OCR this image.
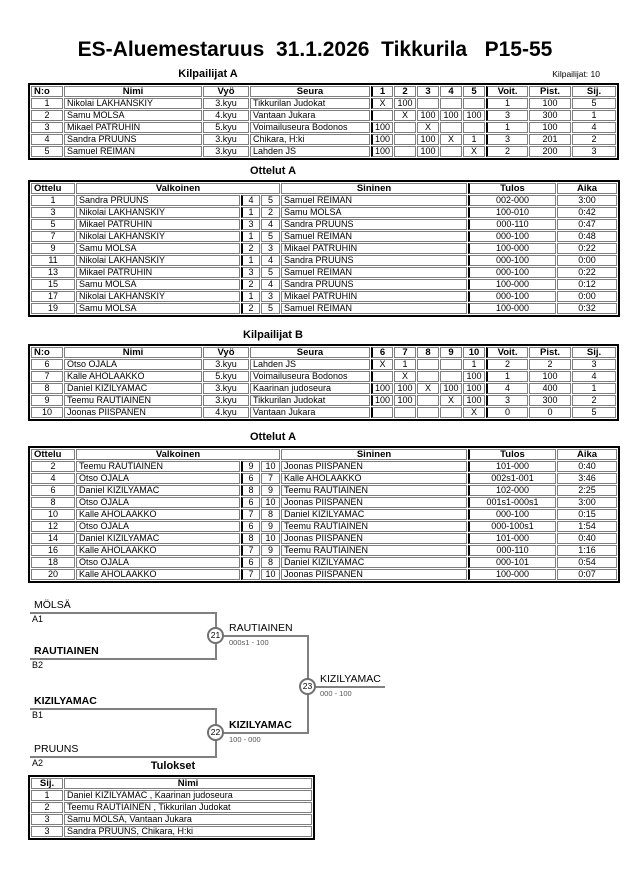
ES-Aluemestaruus  31.1.2026  Tikkurila   P15-55
Kilpailijat: 10
Kilpailijat A
N:o	Nimi	Vyö	Seura	1	2	3	4	5	Voit.	Pist.	Sij.
1	Nikolai LAKHANSKIY	3.kyu	Tikkurilan Judokat	X	100				1	100	5
2	Samu MÖLSÄ	4.kyu	Vantaan Jukara		X	100	100	100	3	300	1
3	Mikael PATRUHIN	5.kyu	Voimailuseura Bodonos	100		X			1	100	4
4	Sandra PRUUNS	3.kyu	Chikara, H:ki	100		100	X	1	3	201	2
5	Samuel REIMAN	3.kyu	Lahden JS	100		100		X	2	200	3
Ottelut A
Ottelu	Valkoinen			Sininen	Tulos	Aika
1	Sandra PRUUNS	4	5	Samuel REIMAN	002-000	3:00
3	Nikolai LAKHANSKIY	1	2	Samu MÖLSÄ	100-010	0:42
5	Mikael PATRUHIN	3	4	Sandra PRUUNS	000-110	0:47
7	Nikolai LAKHANSKIY	1	5	Samuel REIMAN	000-100	0:48
9	Samu MÖLSÄ	2	3	Mikael PATRUHIN	100-000	0:22
11	Nikolai LAKHANSKIY	1	4	Sandra PRUUNS	000-100	0:00
13	Mikael PATRUHIN	3	5	Samuel REIMAN	000-100	0:22
15	Samu MÖLSÄ	2	4	Sandra PRUUNS	100-000	0:12
17	Nikolai LAKHANSKIY	1	3	Mikael PATRUHIN	000-100	0:00
19	Samu MÖLSÄ	2	5	Samuel REIMAN	100-000	0:32
Kilpailijat B
N:o	Nimi	Vyö	Seura	6	7	8	9	10	Voit.	Pist.	Sij.
6	Otso OJALA	3.kyu	Lahden JS	X	1			1	2	2	3
7	Kalle AHOLAAKKO	5.kyu	Voimailuseura Bodonos		X			100	1	100	4
8	Daniel KIZILYAMAC	3.kyu	Kaarinan judoseura	100	100	X	100	100	4	400	1
9	Teemu RAUTIAINEN	3.kyu	Tikkurilan Judokat	100	100		X	100	3	300	2
10	Joonas PIISPANEN	4.kyu	Vantaan Jukara					X	0	0	5
Ottelut A
Ottelu	Valkoinen			Sininen	Tulos	Aika
2	Teemu RAUTIAINEN	9	10	Joonas PIISPANEN	101-000	0:40
4	Otso OJALA	6	7	Kalle AHOLAAKKO	002s1-001	3:46
6	Daniel KIZILYAMAC	8	9	Teemu RAUTIAINEN	102-000	2:25
8	Otso OJALA	6	10	Joonas PIISPANEN	001s1-000s1	3:00
10	Kalle AHOLAAKKO	7	8	Daniel KIZILYAMAC	000-100	0:15
12	Otso OJALA	6	9	Teemu RAUTIAINEN	000-100s1	1:54
14	Daniel KIZILYAMAC	8	10	Joonas PIISPANEN	101-000	0:40
16	Kalle AHOLAAKKO	7	9	Teemu RAUTIAINEN	000-110	1:16
18	Otso OJALA	6	8	Daniel KIZILYAMAC	000-101	0:54
20	Kalle AHOLAAKKO	7	10	Joonas PIISPANEN	100-000	0:07
MÖLSÄ
A1
RAUTIAINEN
B2
KIZILYAMAC
B1
PRUUNS
A2
21
RAUTIAINEN
000s1 - 100
22
KIZILYAMAC
100 - 000
23
KIZILYAMAC
000 - 100
Tulokset
Sij.	Nimi
1	Daniel KIZILYAMAC , Kaarinan judoseura
2	Teemu RAUTIAINEN , Tikkurilan Judokat
3	Samu MÖLSÄ, Vantaan Jukara
3	Sandra PRUUNS, Chikara, H:ki
